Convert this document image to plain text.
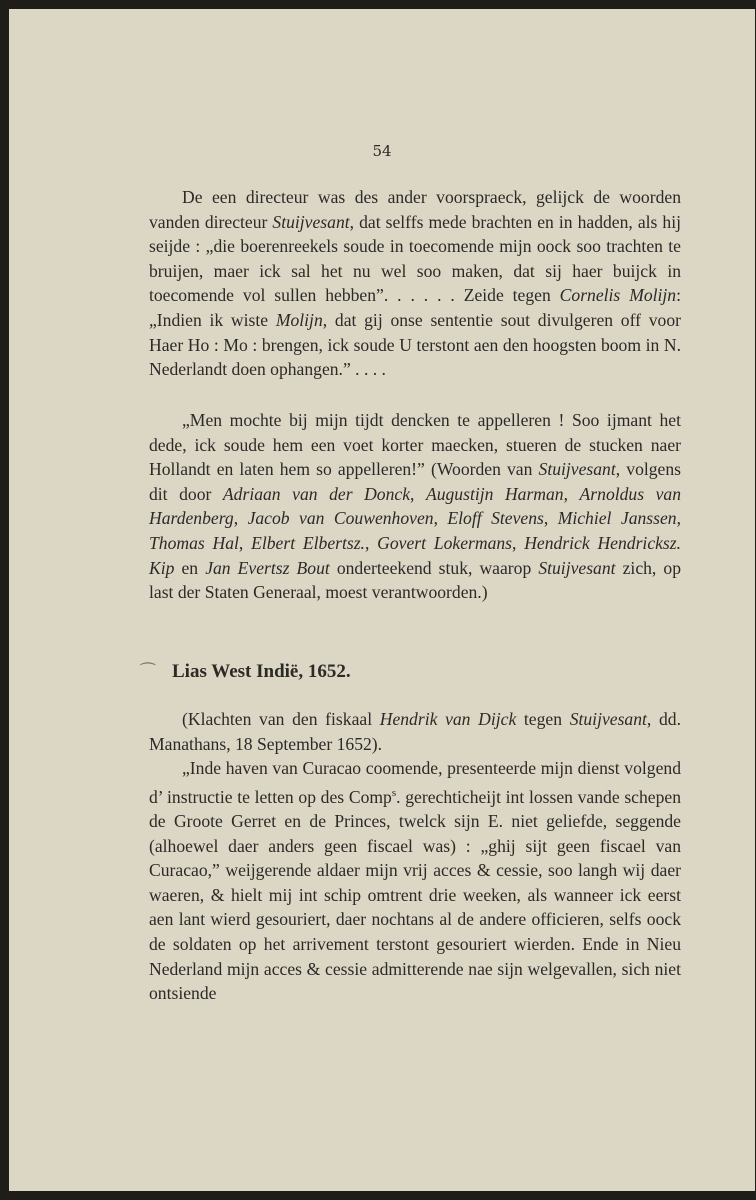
54
De een directeur was des ander voorspraeck, gelijck de woorden vanden directeur Stuijvesant, dat selffs mede brachten en in hadden, als hij seijde : „die boerenreekels soude in toecomende mijn oock soo trachten te bruijen, maer ick sal het nu wel soo maken, dat sij haer buijck in toecomende vol sullen hebben”. . . . . . Zeide tegen Cornelis Molijn: „Indien ik wiste Molijn, dat gij onse sententie sout divulgeren off voor Haer Ho : Mo : brengen, ick soude U terstont aen den hoogsten boom in N. Nederlandt doen ophangen.” . . . .
„Men mochte bij mijn tijdt dencken te appelleren ! Soo ijmant het dede, ick soude hem een voet korter maecken, stueren de stucken naer Hollandt en laten hem so appelleren!” (Woorden van Stuijvesant, volgens dit door Adriaan van der Donck, Augustijn Harman, Arnoldus van Hardenberg, Jacob van Couwenhoven, Eloff Stevens, Michiel Janssen, Thomas Hal, Elbert Elbertsz., Govert Lokermans, Hendrick Hendricksz. Kip en Jan Evertsz Bout onderteekend stuk, waarop Stuijvesant zich, op last der Staten Generaal, moest verantwoorden.)
⁀ Lias West Indië, 1652.
(Klachten van den fiskaal Hendrik van Dijck tegen Stuijvesant, dd. Manathans, 18 September 1652).
„Inde haven van Curacao coomende, presenteerde mijn dienst volgend d’ instructie te letten op des Comp$^s$. gerechticheijt int lossen vande schepen de Groote Gerret en de Princes, twelck sijn E. niet geliefde, seggende (alhoewel daer anders geen fiscael was) : „ghij sijt geen fiscael van Curacao,” weijgerende aldaer mijn vrij acces & cessie, soo langh wij daer waeren, & hielt mij int schip omtrent drie weeken, als wanneer ick eerst aen lant wierd gesouriert, daer nochtans al de andere officieren, selfs oock de soldaten op het arrivement terstont gesouriert wierden. Ende in Nieu Nederland mijn acces & cessie admitterende nae sijn welgevallen, sich niet ontsiende
